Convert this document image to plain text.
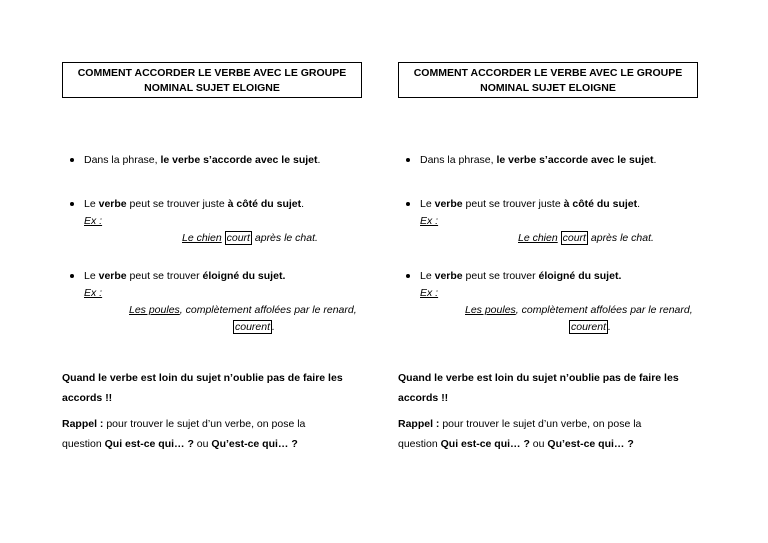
COMMENT ACCORDER LE VERBE AVEC LE GROUPE
NOMINAL SUJET ELOIGNE
Dans la phrase, le verbe s’accorde avec le sujet.
Le verbe peut se trouver juste à côté du sujet.
Ex :
Le chien court après le chat.
Le verbe peut se trouver éloigné du sujet.
Ex :
Les poules, complètement affolées par le renard,
courent .
Quand le verbe est loin du sujet n’oublie pas de faire les
accords !!
Rappel : pour trouver le sujet d’un verbe, on pose la
question Qui est-ce qui… ? ou Qu’est-ce qui… ?
COMMENT ACCORDER LE VERBE AVEC LE GROUPE
NOMINAL SUJET ELOIGNE
Dans la phrase, le verbe s’accorde avec le sujet.
Le verbe peut se trouver juste à côté du sujet.
Ex :
Le chien court après le chat.
Le verbe peut se trouver éloigné du sujet.
Ex :
Les poules, complètement affolées par le renard,
courent .
Quand le verbe est loin du sujet n’oublie pas de faire les
accords !!
Rappel : pour trouver le sujet d’un verbe, on pose la
question Qui est-ce qui… ? ou Qu’est-ce qui… ?
